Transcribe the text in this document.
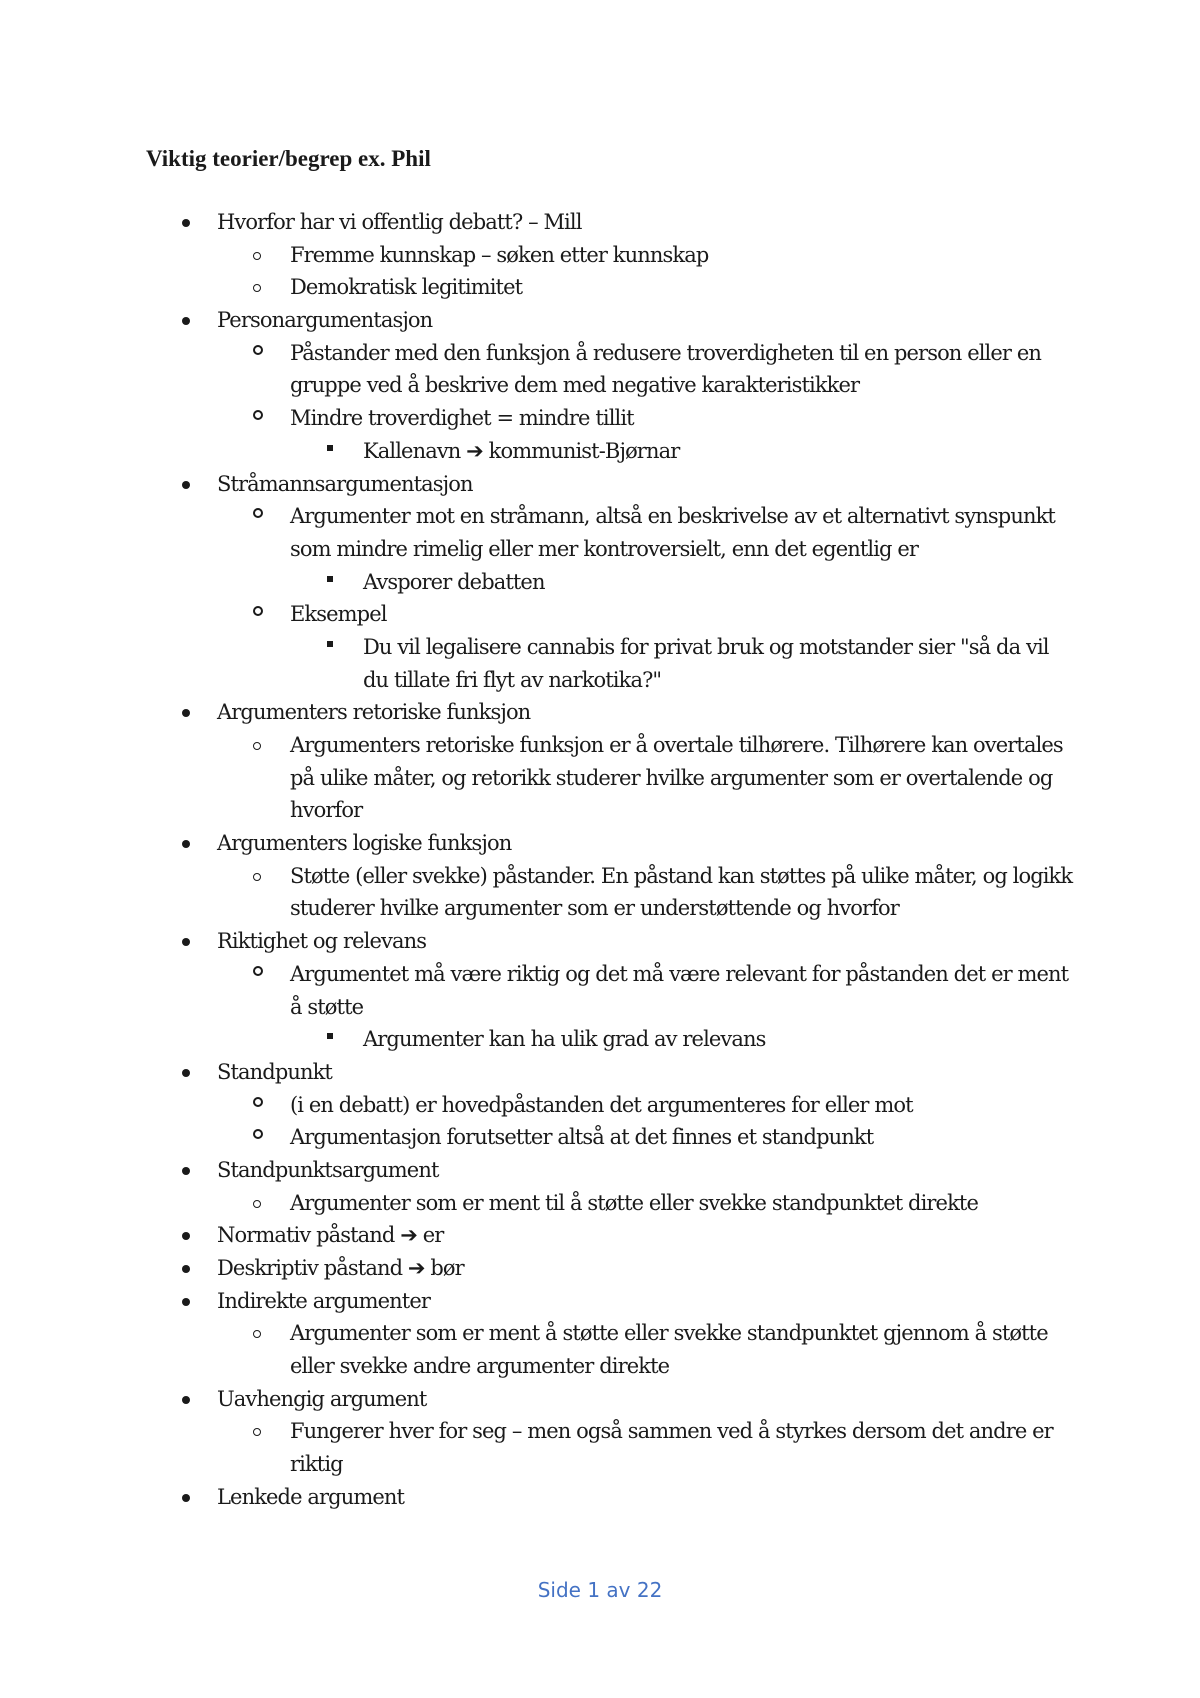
Viktig teorier/begrep ex. Phil
Hvorfor har vi offentlig debatt? – Mill
Fremme kunnskap – søken etter kunnskap
Demokratisk legitimitet
Personargumentasjon
Påstander med den funksjon å redusere troverdigheten til en person eller en
gruppe ved å beskrive dem med negative karakteristikker
Mindre troverdighet = mindre tillit
Kallenavn ➔ kommunist-Bjørnar
Stråmannsargumentasjon
Argumenter mot en stråmann, altså en beskrivelse av et alternativt synspunkt
som mindre rimelig eller mer kontroversielt, enn det egentlig er
Avsporer debatten
Eksempel
Du vil legalisere cannabis for privat bruk og motstander sier "så da vil
du tillate fri flyt av narkotika?"
Argumenters retoriske funksjon
Argumenters retoriske funksjon er å overtale tilhørere. Tilhørere kan overtales
på ulike måter, og retorikk studerer hvilke argumenter som er overtalende og
hvorfor
Argumenters logiske funksjon
Støtte (eller svekke) påstander. En påstand kan støttes på ulike måter, og logikk
studerer hvilke argumenter som er understøttende og hvorfor
Riktighet og relevans
Argumentet må være riktig og det må være relevant for påstanden det er ment
å støtte
Argumenter kan ha ulik grad av relevans
Standpunkt
(i en debatt) er hovedpåstanden det argumenteres for eller mot
Argumentasjon forutsetter altså at det finnes et standpunkt
Standpunktsargument
Argumenter som er ment til å støtte eller svekke standpunktet direkte
Normativ påstand ➔ er
Deskriptiv påstand ➔ bør
Indirekte argumenter
Argumenter som er ment å støtte eller svekke standpunktet gjennom å støtte
eller svekke andre argumenter direkte
Uavhengig argument
Fungerer hver for seg – men også sammen ved å styrkes dersom det andre er
riktig
Lenkede argument
Side 1 av 22
